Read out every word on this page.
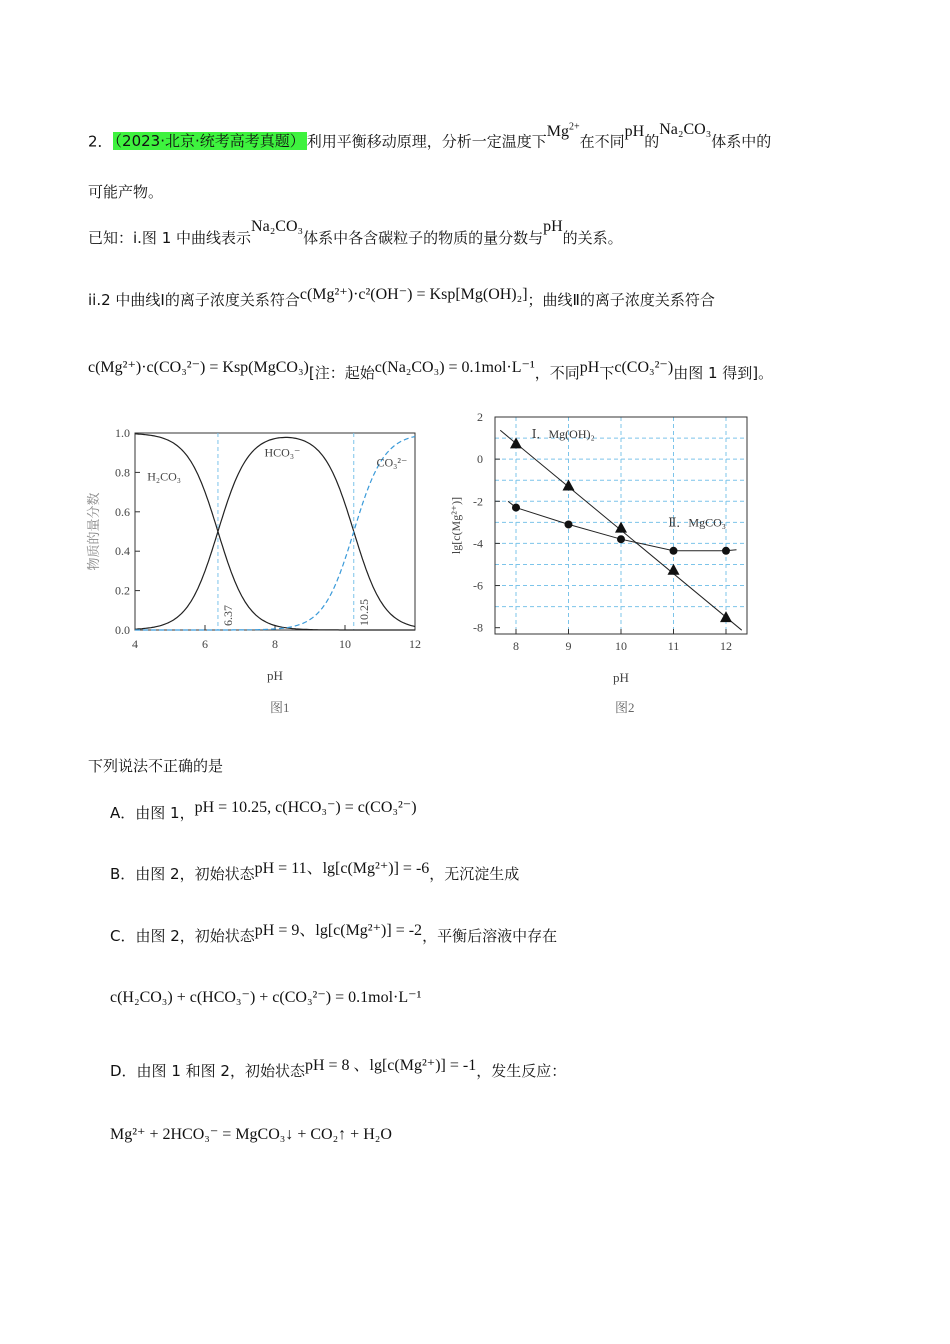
2． （2023·北京·统考高考真题） 利用平衡移动原理，分析一定温度下$Mg^{2+}$在不同pH的Na₂CO₃体系中的
可能产物。
已知：i.图 1 中曲线表示Na₂CO₃体系中各含碳粒子的物质的量分数与pH的关系。
ii.2 中曲线Ⅰ的离子浓度关系符合c(Mg²⁺)·c²(OH⁻) = Ksp[Mg(OH)₂]；曲线Ⅱ的离子浓度关系符合
c(Mg²⁺)·c(CO₃²⁻) = Ksp(MgCO₃)[注：起始c(Na₂CO₃) = 0.1mol·L⁻¹，不同pH下c(CO₃²⁻)由图 1 得到]。
4	6	8	10	12
0.0
0.2
0.4
0.6
0.8
1.0
pH
物质的量分数
H₂CO₃
HCO₃⁻
CO₃²⁻
6.37	10.25
图1
8	9	10	11	12
2
0
-2
-4
-6
-8
pH
lg[c(Mg²⁺)]
Ⅰ．Mg(OH)₂
Ⅱ．MgCO₃
图2
下列说法不正确的是
A．由图 1，pH = 10.25, c(HCO₃⁻) = c(CO₃²⁻)
B．由图 2，初始状态pH = 11、lg[c(Mg²⁺)] = -6，无沉淀生成
C．由图 2，初始状态pH = 9、lg[c(Mg²⁺)] = -2，平衡后溶液中存在
c(H₂CO₃) + c(HCO₃⁻) + c(CO₃²⁻) = 0.1mol·L⁻¹
D．由图 1 和图 2，初始状态pH = 8 、lg[c(Mg²⁺)] = -1，发生反应：
Mg²⁺ + 2HCO₃⁻ = MgCO₃↓ + CO₂↑ + H₂O
